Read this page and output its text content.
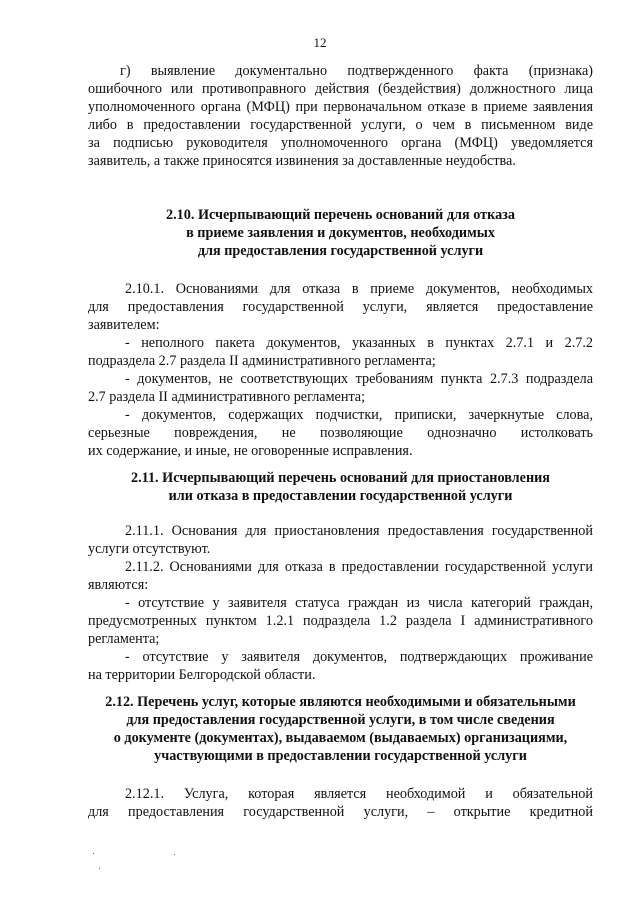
12

г) выявление документально подтвержденного факта (признака)

ошибочного или противоправного действия (бездействия) должностного лица

уполномоченного органа (МФЦ) при первоначальном отказе в приеме заявления

либо в предоставлении государственной услуги, о чем в письменном виде

за подписью руководителя уполномоченного органа (МФЦ) уведомляется

заявитель, а также приносятся извинения за доставленные неудобства.

2.10. Исчерпывающий перечень оснований для отказа
в приеме заявления и документов, необходимых
для предоставления государственной услуги

2.10.1. Основаниями для отказа в приеме документов, необходимых

для предоставления государственной услуги, является предоставление

заявителем:

- неполного пакета документов, указанных в пунктах 2.7.1 и 2.7.2

подраздела 2.7 раздела II административного регламента;

- документов, не соответствующих требованиям пункта 2.7.3 подраздела

2.7 раздела II административного регламента;

- документов, содержащих подчистки, приписки, зачеркнутые слова,

серьезные повреждения, не позволяющие однозначно истолковать

их содержание, и иные, не оговоренные исправления.

2.11. Исчерпывающий перечень оснований для приостановления
или отказа в предоставлении государственной услуги

2.11.1. Основания для приостановления предоставления государственной

услуги отсутствуют.

2.11.2. Основаниями для отказа в предоставлении государственной услуги

являются:

- отсутствие у заявителя статуса граждан из числа категорий граждан,

предусмотренных пунктом 1.2.1 подраздела 1.2 раздела I административного

регламента;

- отсутствие у заявителя документов, подтверждающих проживание

на территории Белгородской области.

2.12. Перечень услуг, которые являются необходимыми и обязательными
для предоставления государственной услуги, в том числе сведения
о документе (документах), выдаваемом (выдаваемых) организациями,
участвующими в предоставлении государственной услуги

2.12.1. Услуга, которая является необходимой и обязательной

для предоставления государственной услуги, – открытие кредитной
